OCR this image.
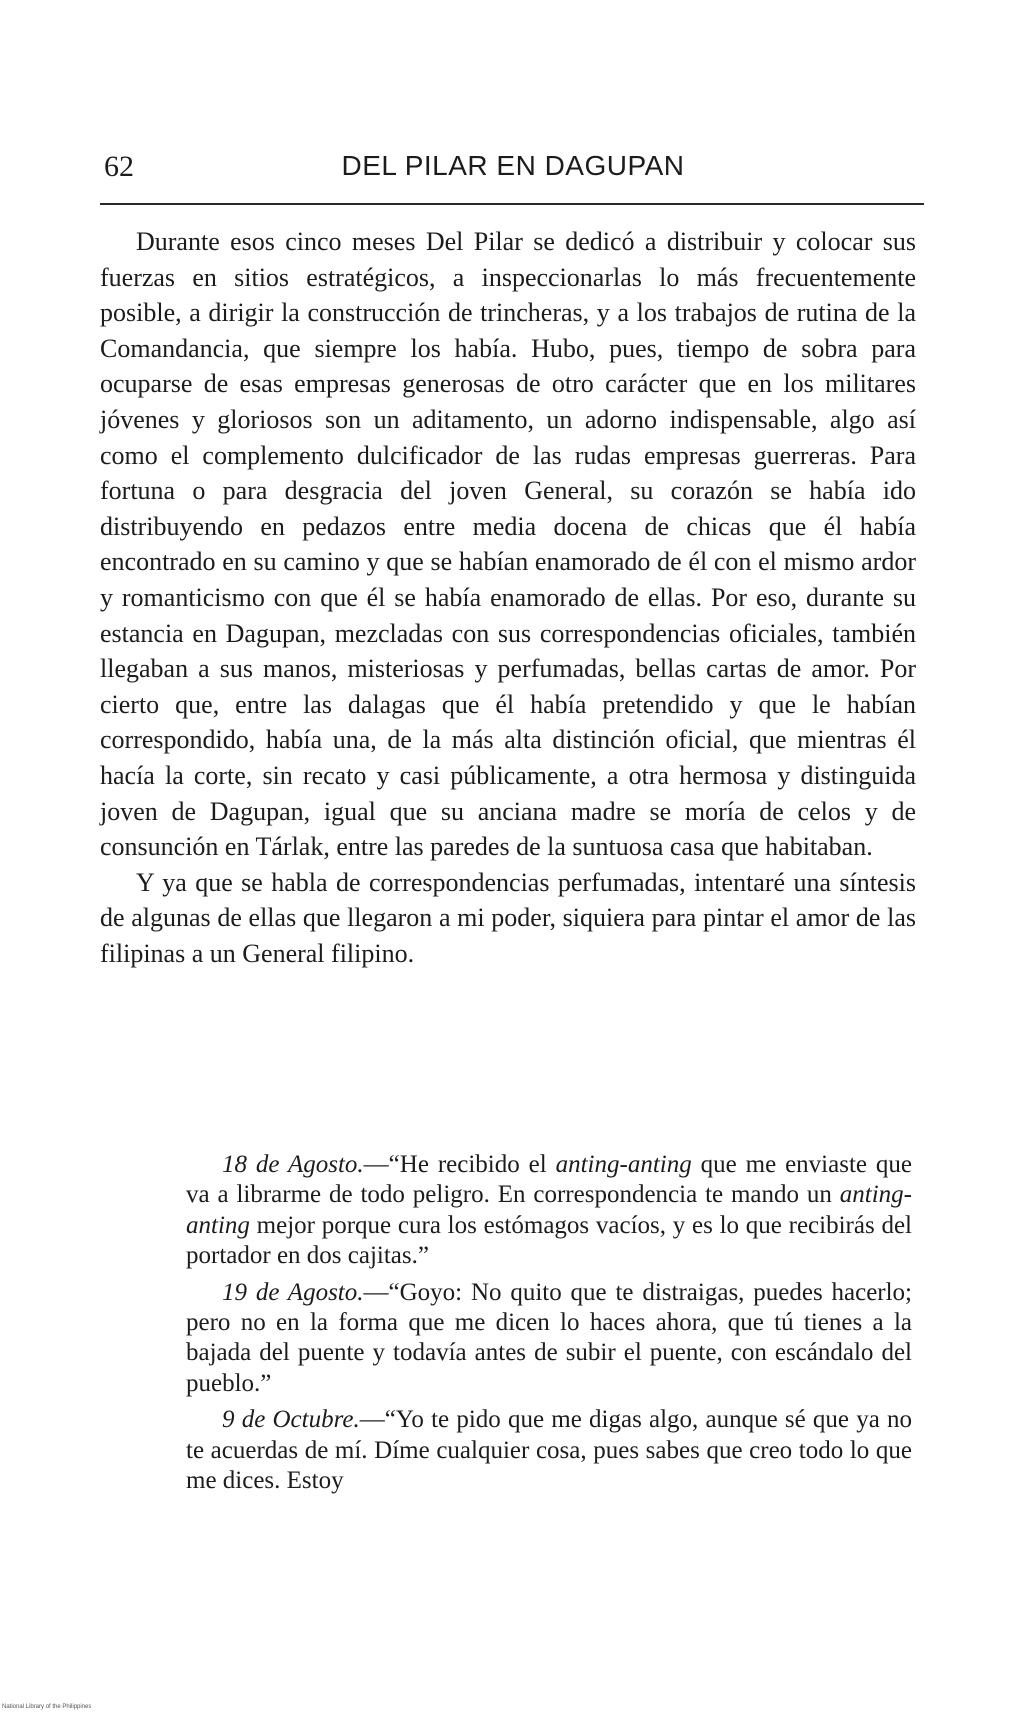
62	DEL PILAR EN DAGUPAN

Durante esos cinco meses Del Pilar se dedicó a distribuir y colocar sus fuerzas en sitios estratégicos, a inspeccionarlas lo más frecuentemente posible, a dirigir la construcción de trincheras, y a los trabajos de rutina de la Comandancia, que siempre los había. Hubo, pues, tiempo de sobra para ocuparse de esas empresas generosas de otro carácter que en los militares jóvenes y gloriosos son un aditamento, un adorno indispensable, algo así como el complemento dulcificador de las rudas empresas guerreras. Para fortuna o para desgracia del joven General, su corazón se había ido distribuyendo en pedazos entre media docena de chicas que él había encontrado en su camino y que se habían enamorado de él con el mismo ardor y romanticismo con que él se había enamorado de ellas. Por eso, durante su estancia en Dagupan, mezcladas con sus correspondencias oficiales, también llegaban a sus manos, misteriosas y perfumadas, bellas cartas de amor. Por cierto que, entre las dalagas que él había pretendido y que le habían correspondido, había una, de la más alta distinción oficial, que mientras él hacía la corte, sin recato y casi públicamente, a otra hermosa y distinguida joven de Dagupan, igual que su anciana madre se moría de celos y de consunción en Tárlak, entre las paredes de la suntuosa casa que habitaban.

Y ya que se habla de correspondencias perfumadas, intentaré una síntesis de algunas de ellas que llegaron a mi poder, siquiera para pintar el amor de las filipinas a un General filipino.

18 de Agosto.—“He recibido el anting-anting que me enviaste que va a librarme de todo peligro. En correspondencia te mando un anting-anting mejor porque cura los estómagos vacíos, y es lo que recibirás del portador en dos cajitas.”

19 de Agosto.—“Goyo: No quito que te distraigas, puedes hacerlo; pero no en la forma que me dicen lo haces ahora, que tú tienes a la bajada del puente y todavía antes de subir el puente, con escándalo del pueblo.”

9 de Octubre.—“Yo te pido que me digas algo, aunque sé que ya no te acuerdas de mí. Díme cualquier cosa, pues sabes que creo todo lo que me dices. Estoy

National Library of the Philippines
